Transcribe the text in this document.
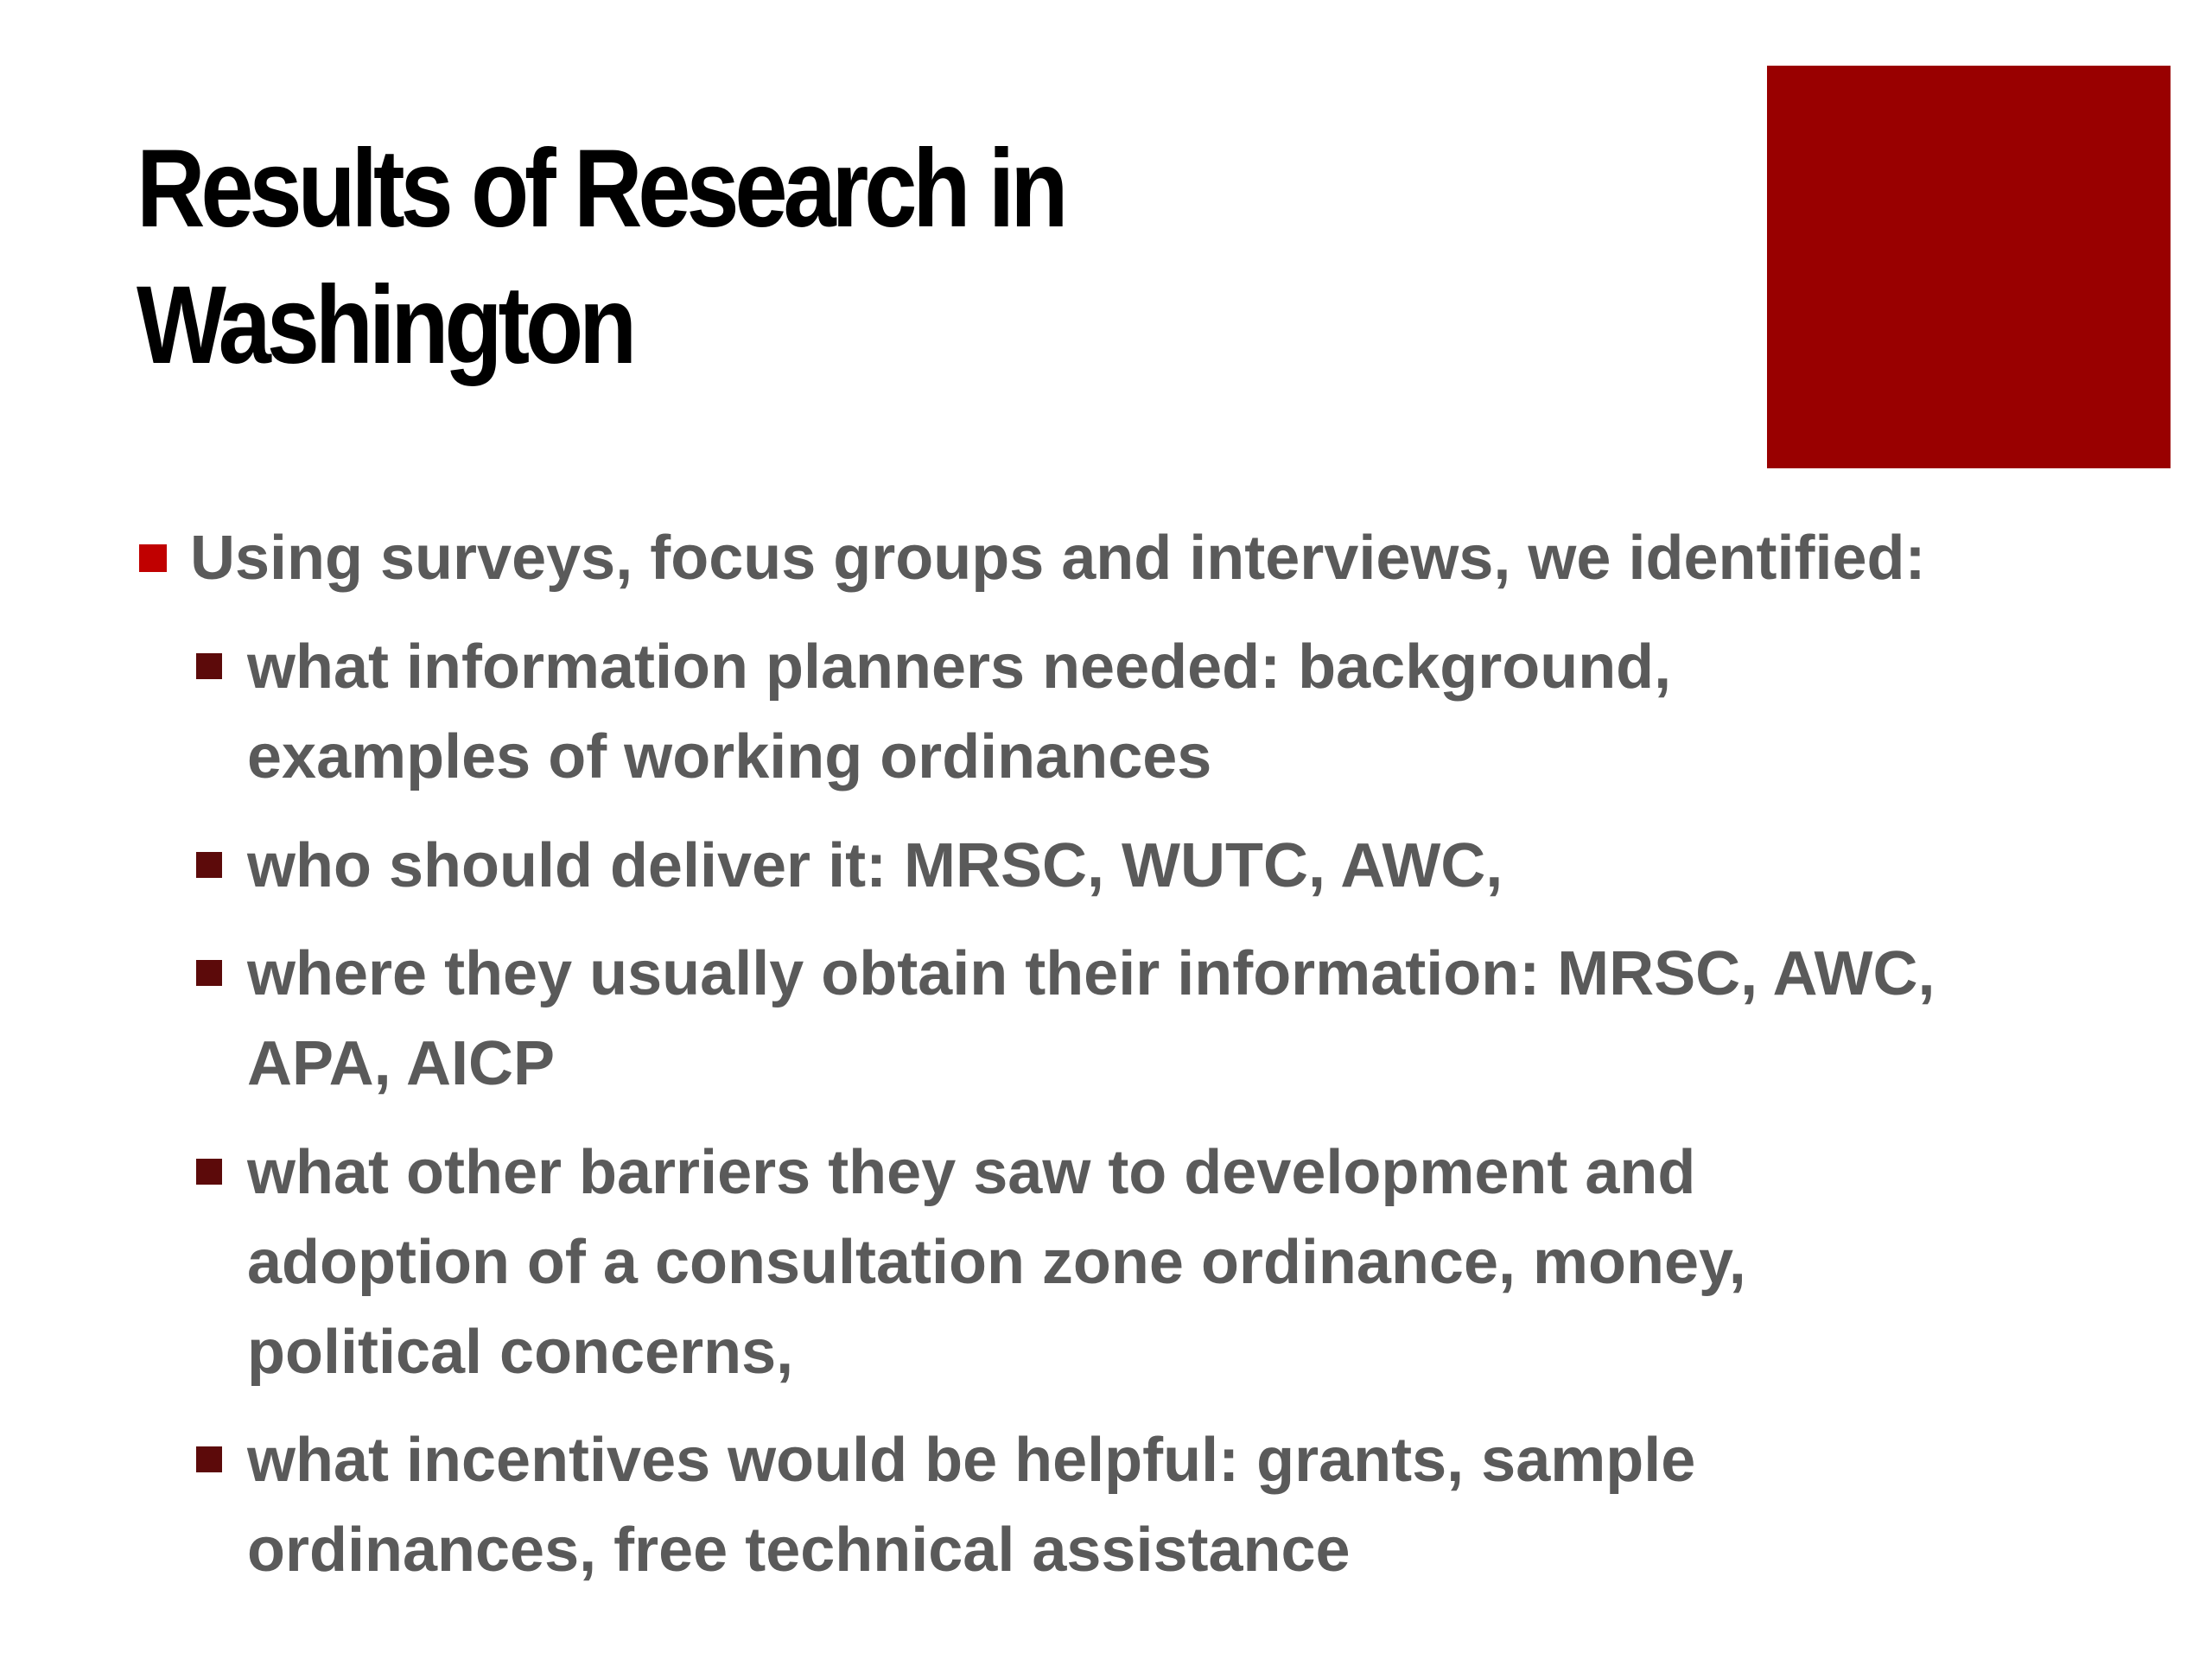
Results of Research in
Washington
Using surveys, focus groups and interviews, we identified:
what information planners needed: background,
examples of working ordinances
who should deliver it: MRSC, WUTC, AWC,
where they usually obtain their information: MRSC, AWC,
APA, AICP
what other barriers they saw to development and
adoption of a consultation zone ordinance, money,
political concerns,
what incentives would be helpful: grants, sample
ordinances, free technical assistance
